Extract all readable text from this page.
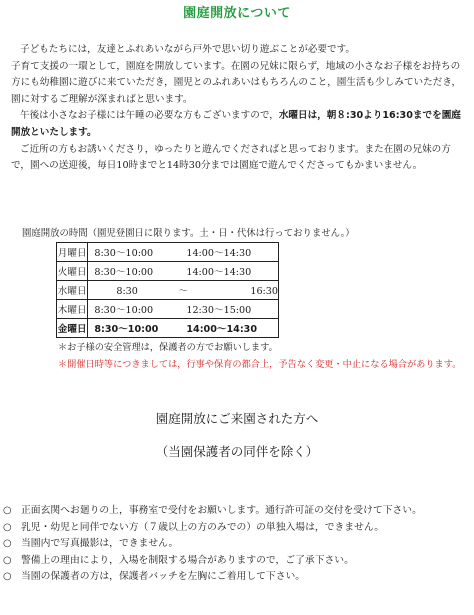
園庭開放について

子どもたちには，友達とふれあいながら戸外で思い切り遊ぶことが必要です。

子育て支援の一環として，園庭を開放しています。在園の兄妹に限らず，地域の小さなお子様をお持ちの方にも幼稚園に遊びに来ていただき，園児とのふれあいはもちろんのこと，園生活も少しみていただき，園に対するご理解が深まればと思います。

午後は小さなお子様には午睡の必要な方もございますので，水曜日は，朝８:30より16:30までを園庭開放といたします。

ご近所の方もお誘いくださり，ゆったりと遊んでくださればと思っております。また在園の兄妹の方で，園への送迎後，毎日10時までと14時30分までは園庭で遊んでくださってもかまいません。

園庭開放の時間（園児登園日に限ります。土・日・代休は行っておりません。）
月曜日	8:30〜10:00 14:00〜14:30
火曜日	8:30〜10:00 14:00〜14:30
水曜日	8:30 〜 16:30
木曜日	8:30〜10:00 12:30〜15:00
金曜日	8:30〜10:00 14:00〜14:30
＊お子様の安全管理は，保護者の方でお願いします。
＊開催日時等につきましては，行事や保育の都合上，予告なく変更・中止になる場合があります。
園庭開放にご来園された方へ
（当園保護者の同伴を除く）
○ 正面玄関へお廻りの上，事務室で受付をお願いします。通行許可証の交付を受けて下さい。
○ 乳児・幼児と同伴でない方（７歳以上の方のみでの）の単独入場は，できません。
○ 当園内で写真撮影は，できません。
○ 警備上の理由により，入場を制限する場合がありますので，ご了承下さい。
○ 当園の保護者の方は，保護者バッチを左胸にご着用して下さい。
